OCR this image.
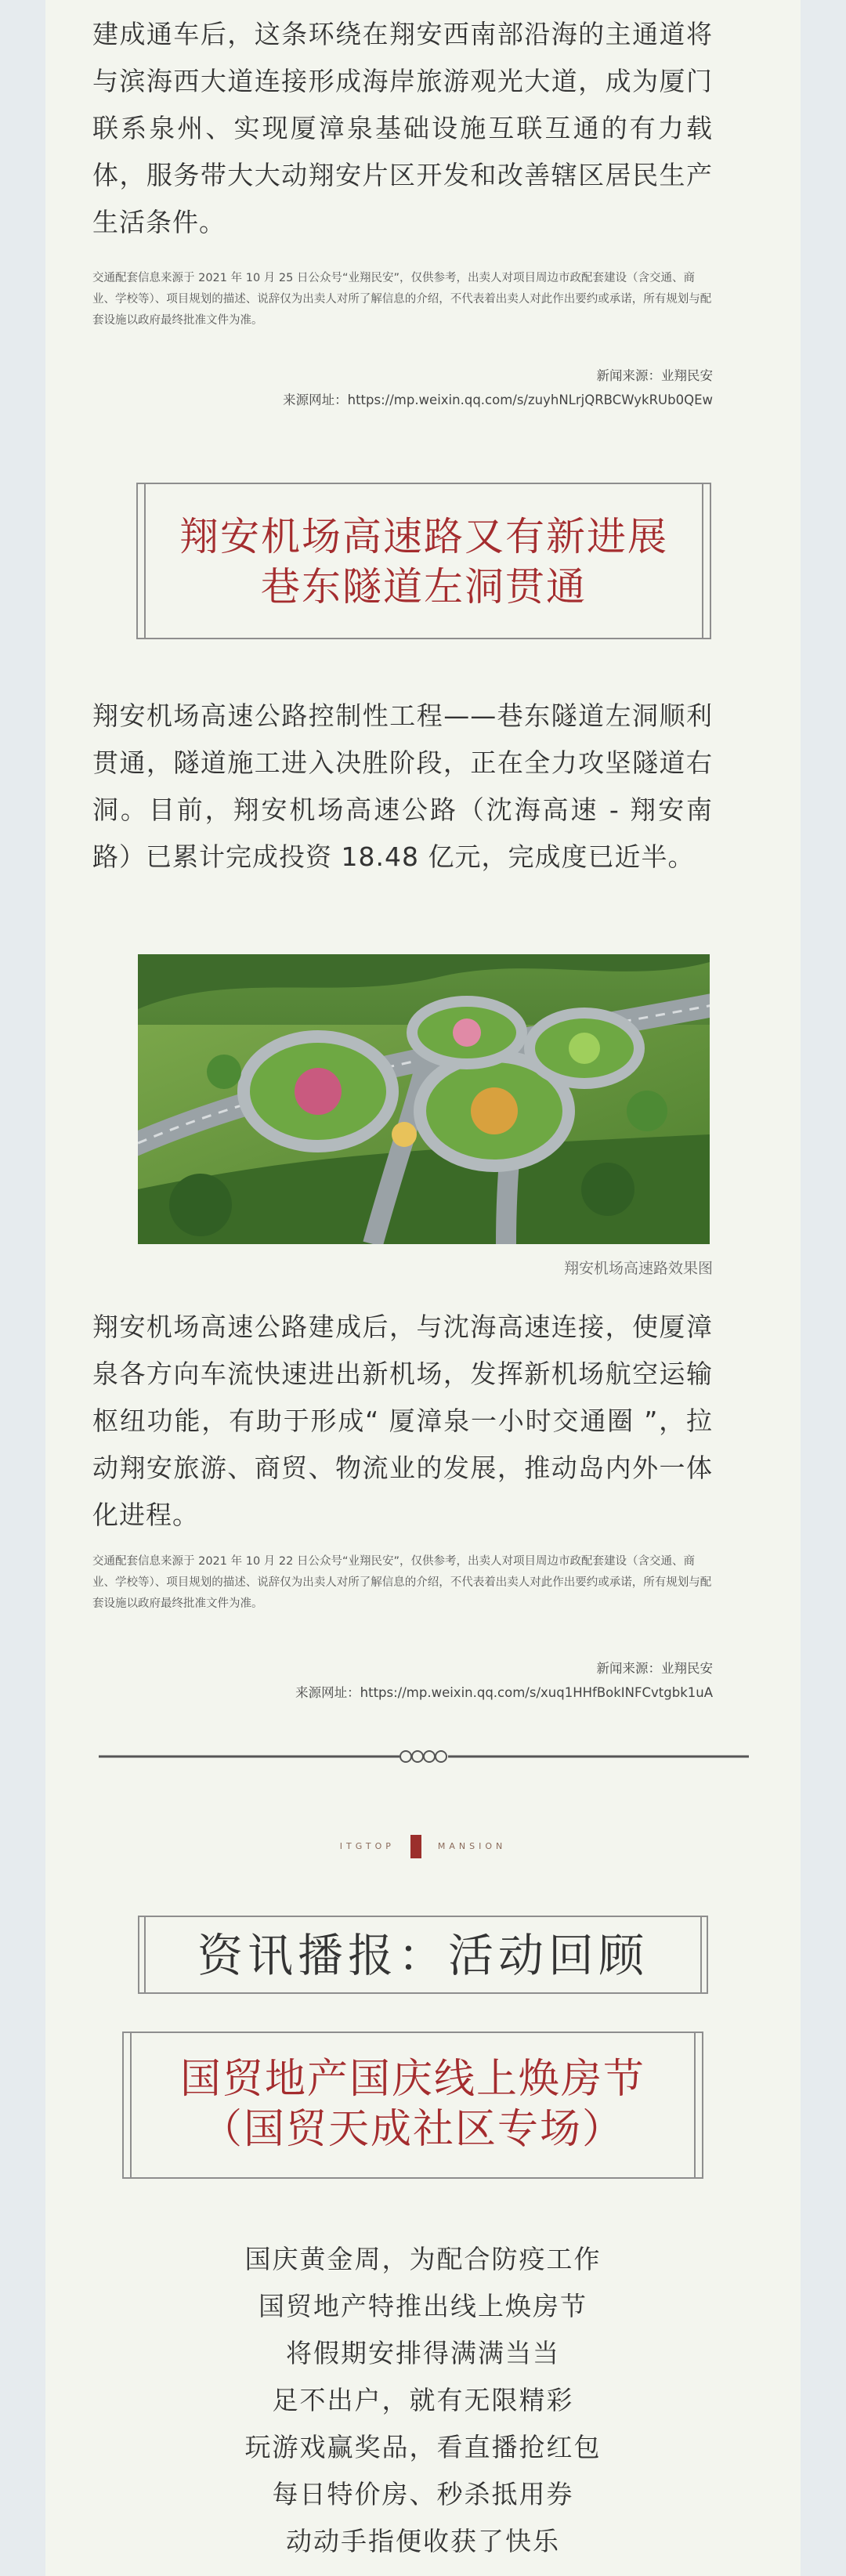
建成通车后，这条环绕在翔安西南部沿海的主通道将与滨海西大道连接形成海岸旅游观光大道，成为厦门联系泉州、实现厦漳泉基础设施互联互通的有力载体，服务带大大动翔安片区开发和改善辖区居民生产生活条件。

交通配套信息来源于 2021 年 10 月 25 日公众号“业翔民安”，仅供参考，出卖人对项目周边市政配套建设（含交通、商业、学校等）、项目规划的描述、说辞仅为出卖人对所了解信息的介绍，不代表着出卖人对此作出要约或承诺，所有规划与配套设施以政府最终批准文件为准。

新闻来源：业翔民安
来源网址：https://mp.weixin.qq.com/s/zuyhNLrjQRBCWykRUb0QEw

翔安机场高速路又有新进展

巷东隧道左洞贯通

翔安机场高速公路控制性工程——巷东隧道左洞顺利贯通，隧道施工进入决胜阶段，正在全力攻坚隧道右洞。目前，翔安机场高速公路（沈海高速 - 翔安南路）已累计完成投资 18.48 亿元，完成度已近半。

翔安机场高速路效果图

翔安机场高速公路建成后，与沈海高速连接，使厦漳泉各方向车流快速进出新机场，发挥新机场航空运输枢纽功能，有助于形成“ 厦漳泉一小时交通圈 ”，拉动翔安旅游、商贸、物流业的发展，推动岛内外一体化进程。

交通配套信息来源于 2021 年 10 月 22 日公众号“业翔民安”，仅供参考，出卖人对项目周边市政配套建设（含交通、商业、学校等）、项目规划的描述、说辞仅为出卖人对所了解信息的介绍，不代表着出卖人对此作出要约或承诺，所有规划与配套设施以政府最终批准文件为准。

新闻来源：业翔民安
来源网址：https://mp.weixin.qq.com/s/xuq1HHfBokINFCvtgbk1uA
ITGTOP	MANSION
资讯播报：活动回顾

国贸地产国庆线上焕房节

（国贸天成社区专场）

国庆黄金周，为配合防疫工作
国贸地产特推出线上焕房节
将假期安排得满满当当
足不出户，就有无限精彩
玩游戏赢奖品，看直播抢红包
每日特价房、秒杀抵用券
动动手指便收获了快乐
